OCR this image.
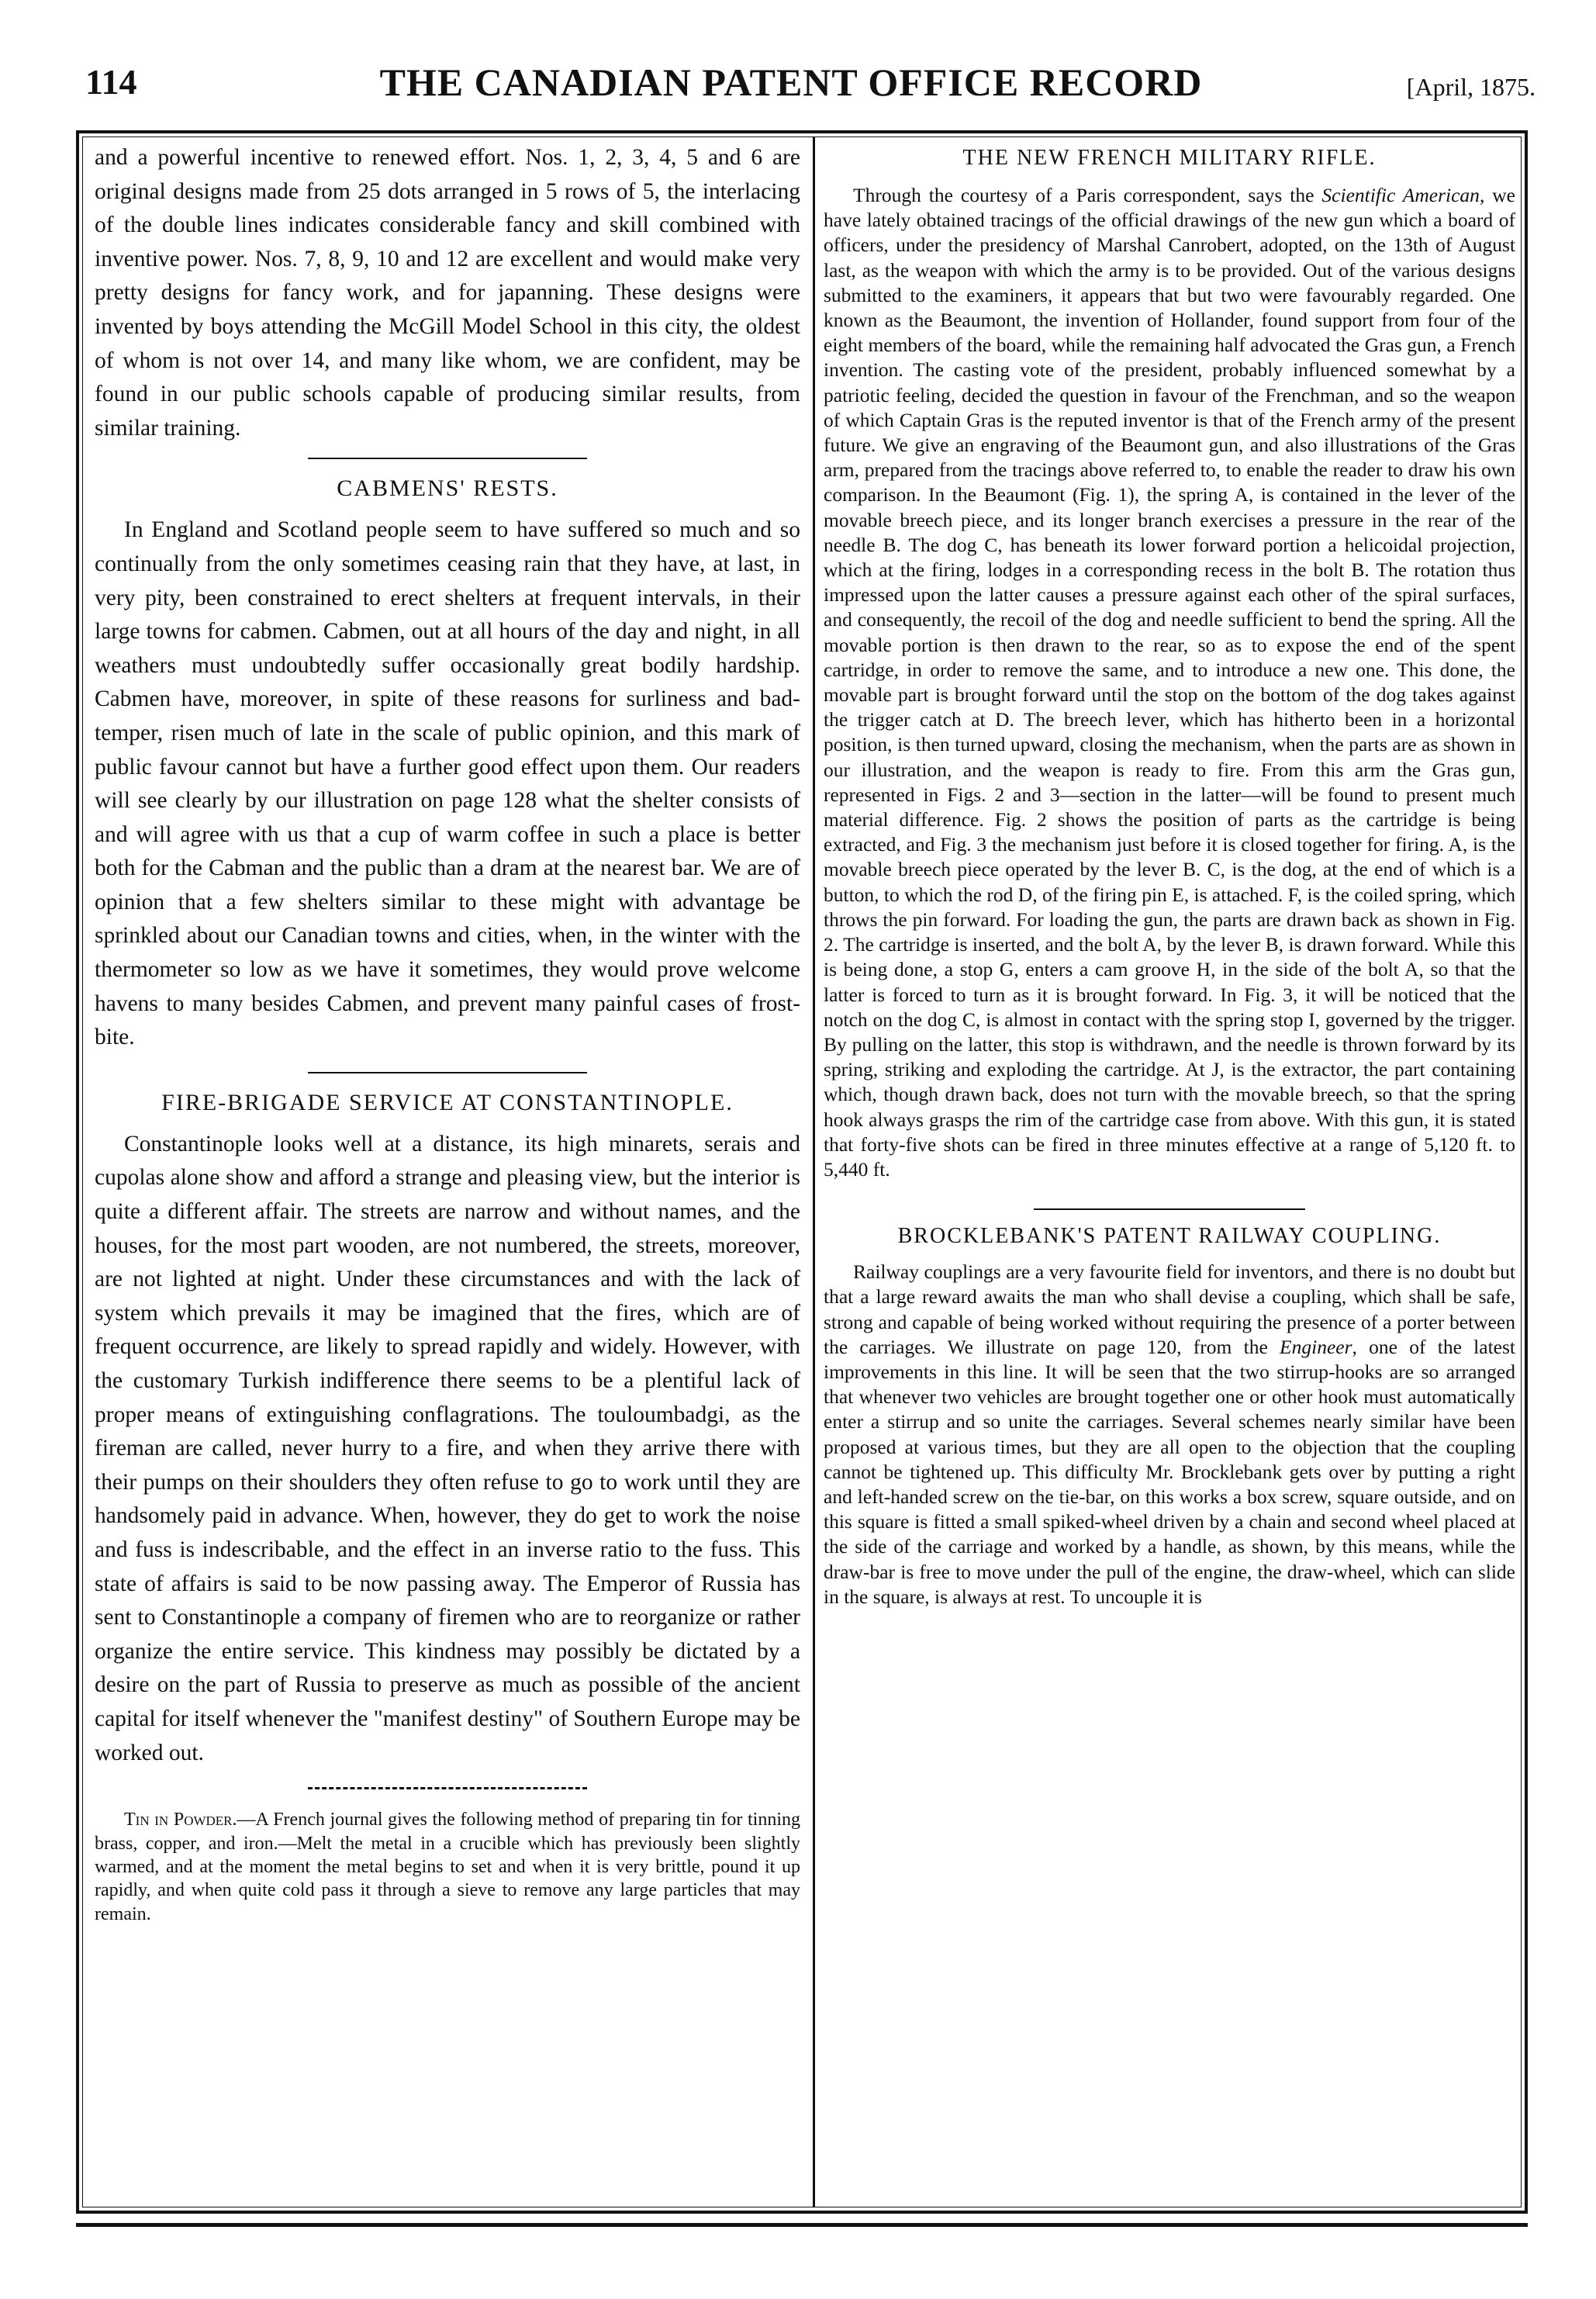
114	THE CANADIAN PATENT OFFICE RECORD	[April, 1875.

and a powerful incentive to renewed effort. Nos. 1, 2, 3, 4, 5 and 6 are original designs made from 25 dots arranged in 5 rows of 5, the interlacing of the double lines indicates considerable fancy and skill combined with inventive power. Nos. 7, 8, 9, 10 and 12 are excellent and would make very pretty designs for fancy work, and for japanning. These designs were invented by boys attending the McGill Model School in this city, the oldest of whom is not over 14, and many like whom, we are confident, may be found in our public schools capable of producing similar results, from similar training.

CABMENS' RESTS.

In England and Scotland people seem to have suffered so much and so continually from the only sometimes ceasing rain that they have, at last, in very pity, been constrained to erect shelters at frequent intervals, in their large towns for cabmen. Cabmen, out at all hours of the day and night, in all weathers must undoubtedly suffer occasionally great bodily hardship. Cabmen have, moreover, in spite of these reasons for surliness and bad-temper, risen much of late in the scale of public opinion, and this mark of public favour cannot but have a further good effect upon them. Our readers will see clearly by our illustration on page 128 what the shelter consists of and will agree with us that a cup of warm coffee in such a place is better both for the Cabman and the public than a dram at the nearest bar. We are of opinion that a few shelters similar to these might with advantage be sprinkled about our Canadian towns and cities, when, in the winter with the thermometer so low as we have it sometimes, they would prove welcome havens to many besides Cabmen, and prevent many painful cases of frost-bite.

FIRE-BRIGADE SERVICE AT CONSTANTINOPLE.

Constantinople looks well at a distance, its high minarets, serais and cupolas alone show and afford a strange and pleasing view, but the interior is quite a different affair. The streets are narrow and without names, and the houses, for the most part wooden, are not numbered, the streets, moreover, are not lighted at night. Under these circumstances and with the lack of system which prevails it may be imagined that the fires, which are of frequent occurrence, are likely to spread rapidly and widely. However, with the customary Turkish indifference there seems to be a plentiful lack of proper means of extinguishing conflagrations. The touloumbadgi, as the fireman are called, never hurry to a fire, and when they arrive there with their pumps on their shoulders they often refuse to go to work until they are handsomely paid in advance. When, however, they do get to work the noise and fuss is indescribable, and the effect in an inverse ratio to the fuss. This state of affairs is said to be now passing away. The Emperor of Russia has sent to Constantinople a company of firemen who are to reorganize or rather organize the entire service. This kindness may possibly be dictated by a desire on the part of Russia to preserve as much as possible of the ancient capital for itself whenever the "manifest destiny" of Southern Europe may be worked out.

Tin in Powder.—A French journal gives the following method of preparing tin for tinning brass, copper, and iron.—Melt the metal in a crucible which has previously been slightly warmed, and at the moment the metal begins to set and when it is very brittle, pound it up rapidly, and when quite cold pass it through a sieve to remove any large particles that may remain.

THE NEW FRENCH MILITARY RIFLE.

Through the courtesy of a Paris correspondent, says the Scientific American, we have lately obtained tracings of the official drawings of the new gun which a board of officers, under the presidency of Marshal Canrobert, adopted, on the 13th of August last, as the weapon with which the army is to be provided. Out of the various designs submitted to the examiners, it appears that but two were favourably regarded. One known as the Beaumont, the invention of Hollander, found support from four of the eight members of the board, while the remaining half advocated the Gras gun, a French invention. The casting vote of the president, probably influenced somewhat by a patriotic feeling, decided the question in favour of the Frenchman, and so the weapon of which Captain Gras is the reputed inventor is that of the French army of the present future. We give an engraving of the Beaumont gun, and also illustrations of the Gras arm, prepared from the tracings above referred to, to enable the reader to draw his own comparison. In the Beaumont (Fig. 1), the spring A, is contained in the lever of the movable breech piece, and its longer branch exercises a pressure in the rear of the needle B. The dog C, has beneath its lower forward portion a helicoidal projection, which at the firing, lodges in a corresponding recess in the bolt B. The rotation thus impressed upon the latter causes a pressure against each other of the spiral surfaces, and consequently, the recoil of the dog and needle sufficient to bend the spring. All the movable portion is then drawn to the rear, so as to expose the end of the spent cartridge, in order to remove the same, and to introduce a new one. This done, the movable part is brought forward until the stop on the bottom of the dog takes against the trigger catch at D. The breech lever, which has hitherto been in a horizontal position, is then turned upward, closing the mechanism, when the parts are as shown in our illustration, and the weapon is ready to fire. From this arm the Gras gun, represented in Figs. 2 and 3—section in the latter—will be found to present much material difference. Fig. 2 shows the position of parts as the cartridge is being extracted, and Fig. 3 the mechanism just before it is closed together for firing. A, is the movable breech piece operated by the lever B. C, is the dog, at the end of which is a button, to which the rod D, of the firing pin E, is attached. F, is the coiled spring, which throws the pin forward. For loading the gun, the parts are drawn back as shown in Fig. 2. The cartridge is inserted, and the bolt A, by the lever B, is drawn forward. While this is being done, a stop G, enters a cam groove H, in the side of the bolt A, so that the latter is forced to turn as it is brought forward. In Fig. 3, it will be noticed that the notch on the dog C, is almost in contact with the spring stop I, governed by the trigger. By pulling on the latter, this stop is withdrawn, and the needle is thrown forward by its spring, striking and exploding the cartridge. At J, is the extractor, the part containing which, though drawn back, does not turn with the movable breech, so that the spring hook always grasps the rim of the cartridge case from above. With this gun, it is stated that forty-five shots can be fired in three minutes effective at a range of 5,120 ft. to 5,440 ft.

BROCKLEBANK'S PATENT RAILWAY COUPLING.

Railway couplings are a very favourite field for inventors, and there is no doubt but that a large reward awaits the man who shall devise a coupling, which shall be safe, strong and capable of being worked without requiring the presence of a porter between the carriages. We illustrate on page 120, from the Engineer, one of the latest improvements in this line. It will be seen that the two stirrup-hooks are so arranged that whenever two vehicles are brought together one or other hook must automatically enter a stirrup and so unite the carriages. Several schemes nearly similar have been proposed at various times, but they are all open to the objection that the coupling cannot be tightened up. This difficulty Mr. Brocklebank gets over by putting a right and left-handed screw on the tie-bar, on this works a box screw, square outside, and on this square is fitted a small spiked-wheel driven by a chain and second wheel placed at the side of the carriage and worked by a handle, as shown, by this means, while the draw-bar is free to move under the pull of the engine, the draw-wheel, which can slide in the square, is always at rest. To uncouple it is
